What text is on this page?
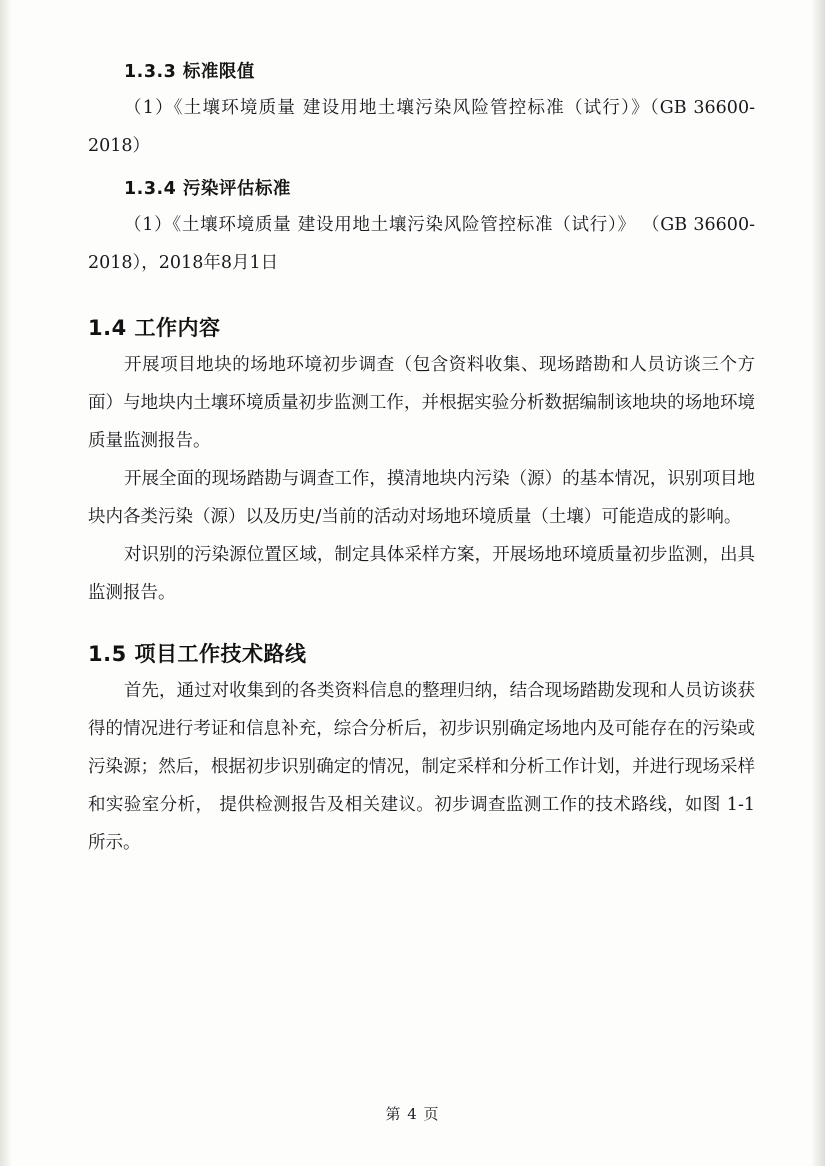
1.3.3 标准限值

（1）《土壤环境质量 建设用地土壤污染风险管控标准（试行）》（GB 36600-2018）

1.3.4 污染评估标准

（1）《土壤环境质量 建设用地土壤污染风险管控标准（试行）》 （GB 36600-2018），2018年8月1日

1.4 工作内容

开展项目地块的场地环境初步调查（包含资料收集、现场踏勘和人员访谈三个方面）与地块内土壤环境质量初步监测工作，并根据实验分析数据编制该地块的场地环境质量监测报告。

开展全面的现场踏勘与调查工作，摸清地块内污染（源）的基本情况，识别项目地块内各类污染（源）以及历史/当前的活动对场地环境质量（土壤）可能造成的影响。

对识别的污染源位置区域，制定具体采样方案，开展场地环境质量初步监测，出具监测报告。

1.5 项目工作技术路线

首先，通过对收集到的各类资料信息的整理归纳，结合现场踏勘发现和人员访谈获得的情况进行考证和信息补充，综合分析后，初步识别确定场地内及可能存在的污染或污染源；然后，根据初步识别确定的情况，制定采样和分析工作计划，并进行现场采样和实验室分析， 提供检测报告及相关建议。初步调查监测工作的技术路线，如图 1-1 所示。

第 4 页
